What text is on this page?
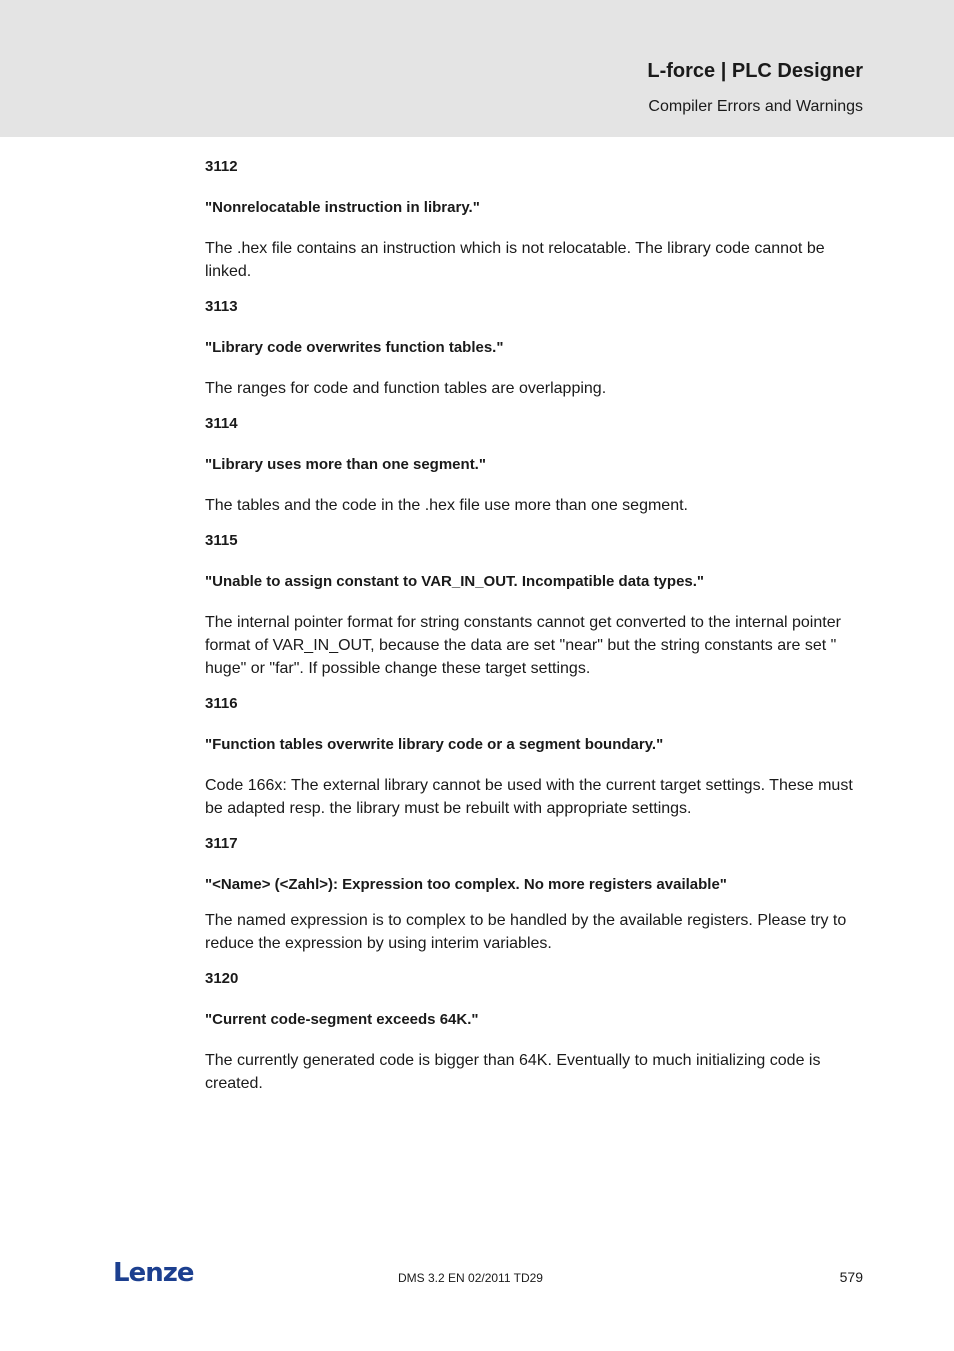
L-force | PLC Designer
Compiler Errors and Warnings
3112
"Nonrelocatable instruction in library."

The .hex file contains an instruction which is not relocatable. The library code cannot be linked.

3113
"Library code overwrites function tables."

The ranges for code and function tables are overlapping.

3114
"Library uses more than one segment."

The tables and the code in the .hex file use more than one segment.

3115
"Unable to assign constant to VAR_IN_OUT. Incompatible data types."

The internal pointer format for string constants cannot get converted to the internal pointer format of VAR_IN_OUT, because the data are set "near" but the string constants are set " huge" or "far". If possible change these target settings.

3116
"Function tables overwrite library code or a segment boundary."

Code 166x: The external library cannot be used with the current target settings. These must be adapted resp. the library must be rebuilt with appropriate settings.

3117
"<Name> (<Zahl>): Expression too complex. No more registers available"

The named expression is to complex to be handled by the available registers. Please try to reduce the expression by using interim variables.

3120
"Current code-segment exceeds 64K."

The currently generated code is bigger than 64K. Eventually to much initializing code is created.

Lenze	DMS 3.2 EN 02/2011 TD29	579
